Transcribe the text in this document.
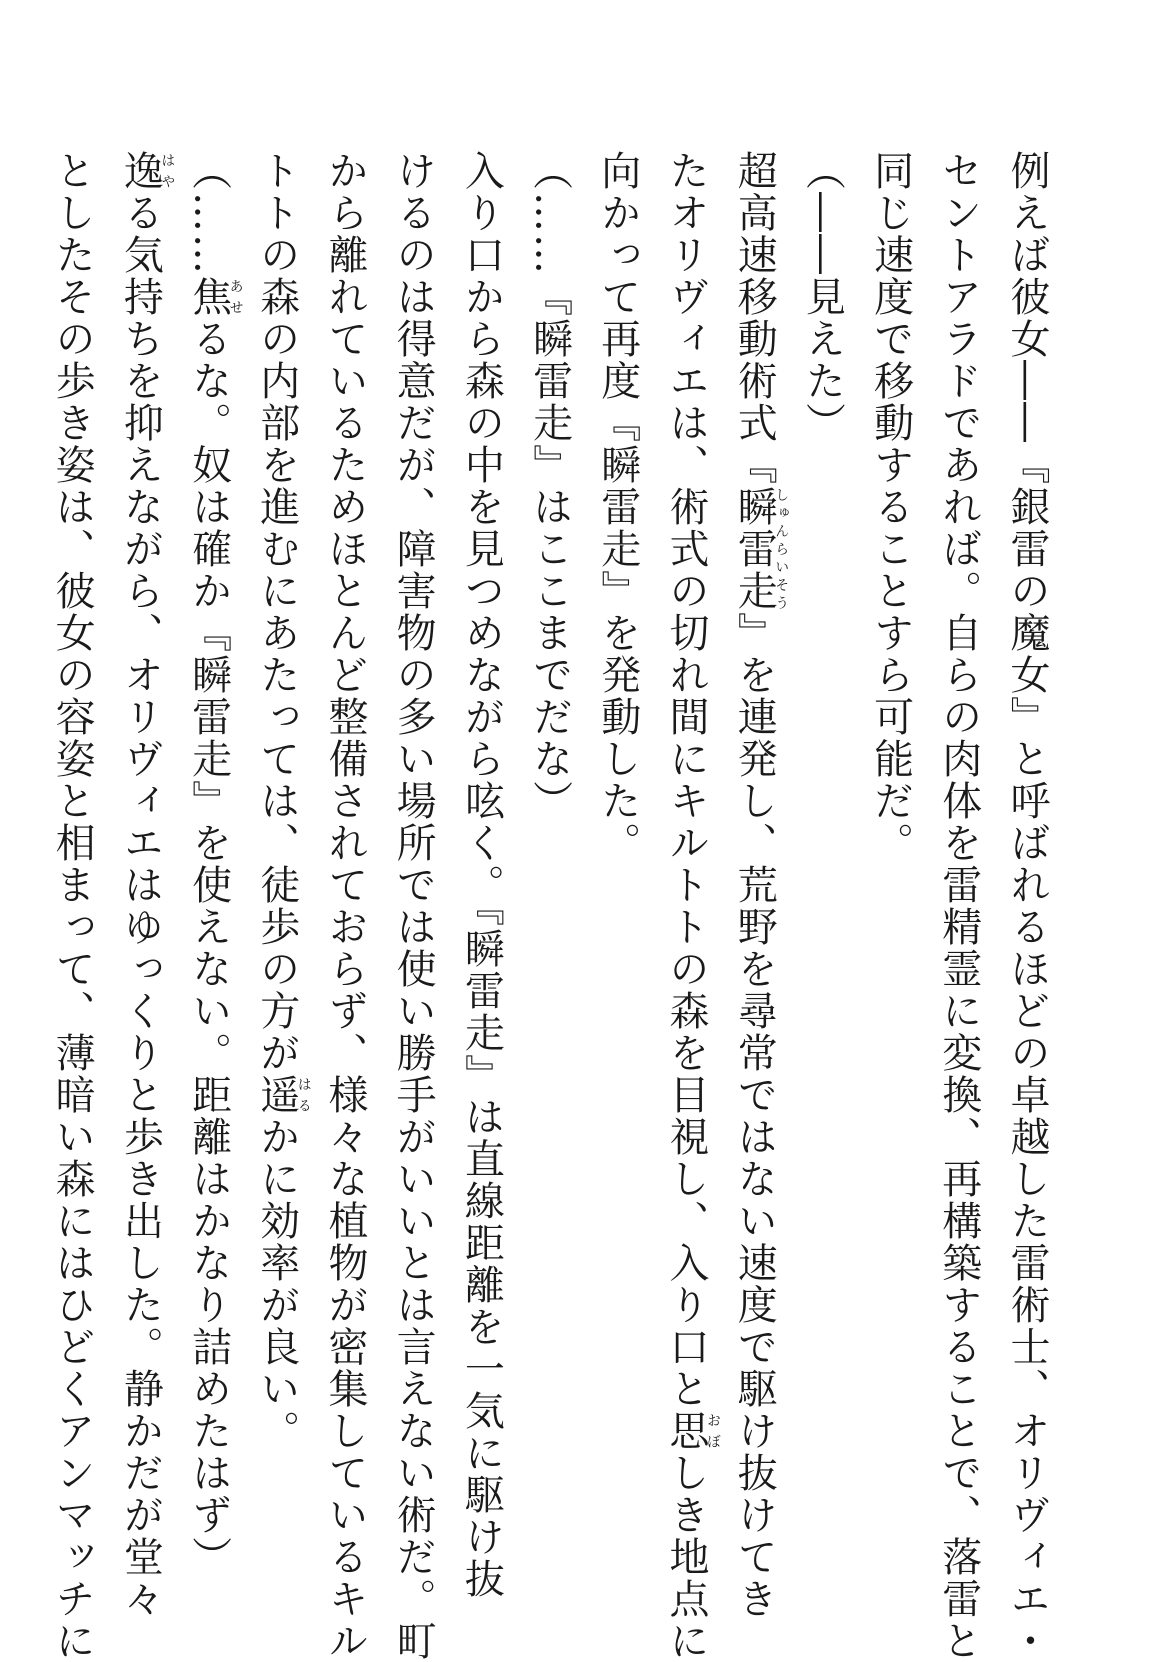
例えば彼女――『銀雷の魔女』と呼ばれるほどの卓越した雷術士、オリヴィエ・
セントアラドであれば。自らの肉体を雷精霊に変換、再構築することで、落雷と
同じ速度で移動することすら可能だ。
（――見えた）
超高速移動術式『瞬雷走しゅんらいそう』を連発し、荒野を尋常ではない速度で駆け抜けてき
たオリヴィエは、術式の切れ間にキルトトの森を目視し、入り口と思おぼしき地点に
向かって再度『瞬雷走』を発動した。
（……『瞬雷走』はここまでだな）
入り口から森の中を見つめながら呟く。『瞬雷走』は直線距離を一気に駆け抜
けるのは得意だが、障害物の多い場所では使い勝手がいいとは言えない術だ。町
から離れているためほとんど整備されておらず、様々な植物が密集しているキル
トトの森の内部を進むにあたっては、徒歩の方が遥はるかに効率が良い。
（……焦あせるな。奴は確か『瞬雷走』を使えない。距離はかなり詰めたはず）
逸はやる気持ちを抑えながら、オリヴィエはゆっくりと歩き出した。静かだが堂々
としたその歩き姿は、彼女の容姿と相まって、薄暗い森にはひどくアンマッチに
